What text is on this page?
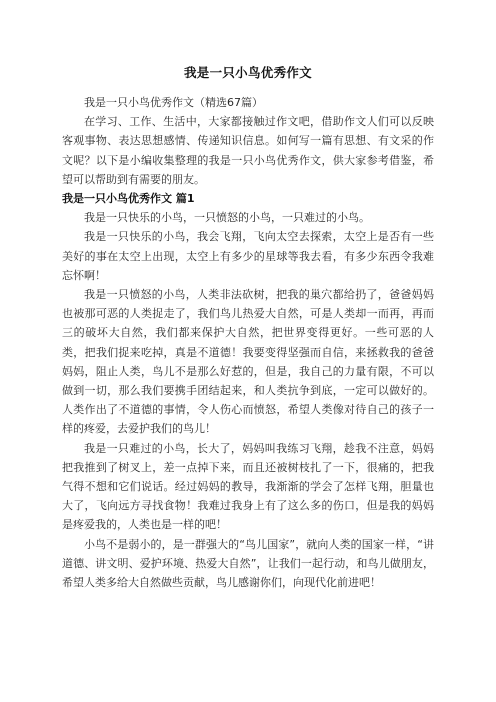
我是一只小鸟优秀作文

我是一只小鸟优秀作文（精选67篇）

在学习、工作、生活中，大家都接触过作文吧，借助作文人们可以反映客观事物、表达思想感情、传递知识信息。如何写一篇有思想、有文采的作文呢？以下是小编收集整理的我是一只小鸟优秀作文，供大家参考借鉴，希望可以帮助到有需要的朋友。

我是一只小鸟优秀作文 篇1

我是一只快乐的小鸟，一只愤怒的小鸟，一只难过的小鸟。

我是一只快乐的小鸟，我会飞翔，飞向太空去探索，太空上是否有一些美好的事在太空上出现，太空上有多少的星球等我去看，有多少东西令我难忘怀啊！

我是一只愤怒的小鸟，人类非法砍树，把我的巢穴都给扔了，爸爸妈妈也被那可恶的人类捉走了，我们鸟儿热爱大自然，可是人类却一而再，再而三的破坏大自然，我们都来保护大自然，把世界变得更好。一些可恶的人类，把我们捉来吃掉，真是不道德！我要变得坚强而自信，来拯救我的爸爸妈妈，阻止人类，鸟儿不是那么好惹的，但是，我自己的力量有限，不可以做到一切，那么我们要携手团结起来，和人类抗争到底，一定可以做好的。人类作出了不道德的事情，令人伤心而愤怒，希望人类像对待自己的孩子一样的疼爱，去爱护我们的鸟儿！

我是一只难过的小鸟，长大了，妈妈叫我练习飞翔，趁我不注意，妈妈把我推到了树叉上，差一点掉下来，而且还被树枝扎了一下，很痛的，把我气得不想和它们说话。经过妈妈的教导，我渐渐的学会了怎样飞翔，胆量也大了，飞向远方寻找食物！我难过我身上有了这么多的伤口，但是我的妈妈是疼爱我的，人类也是一样的吧！

小鸟不是弱小的，是一群强大的“鸟儿国家”，就向人类的国家一样，“讲道德、讲文明、爱护环境、热爱大自然”，让我们一起行动，和鸟儿做朋友，希望人类多给大自然做些贡献，鸟儿感谢你们，向现代化前进吧！
